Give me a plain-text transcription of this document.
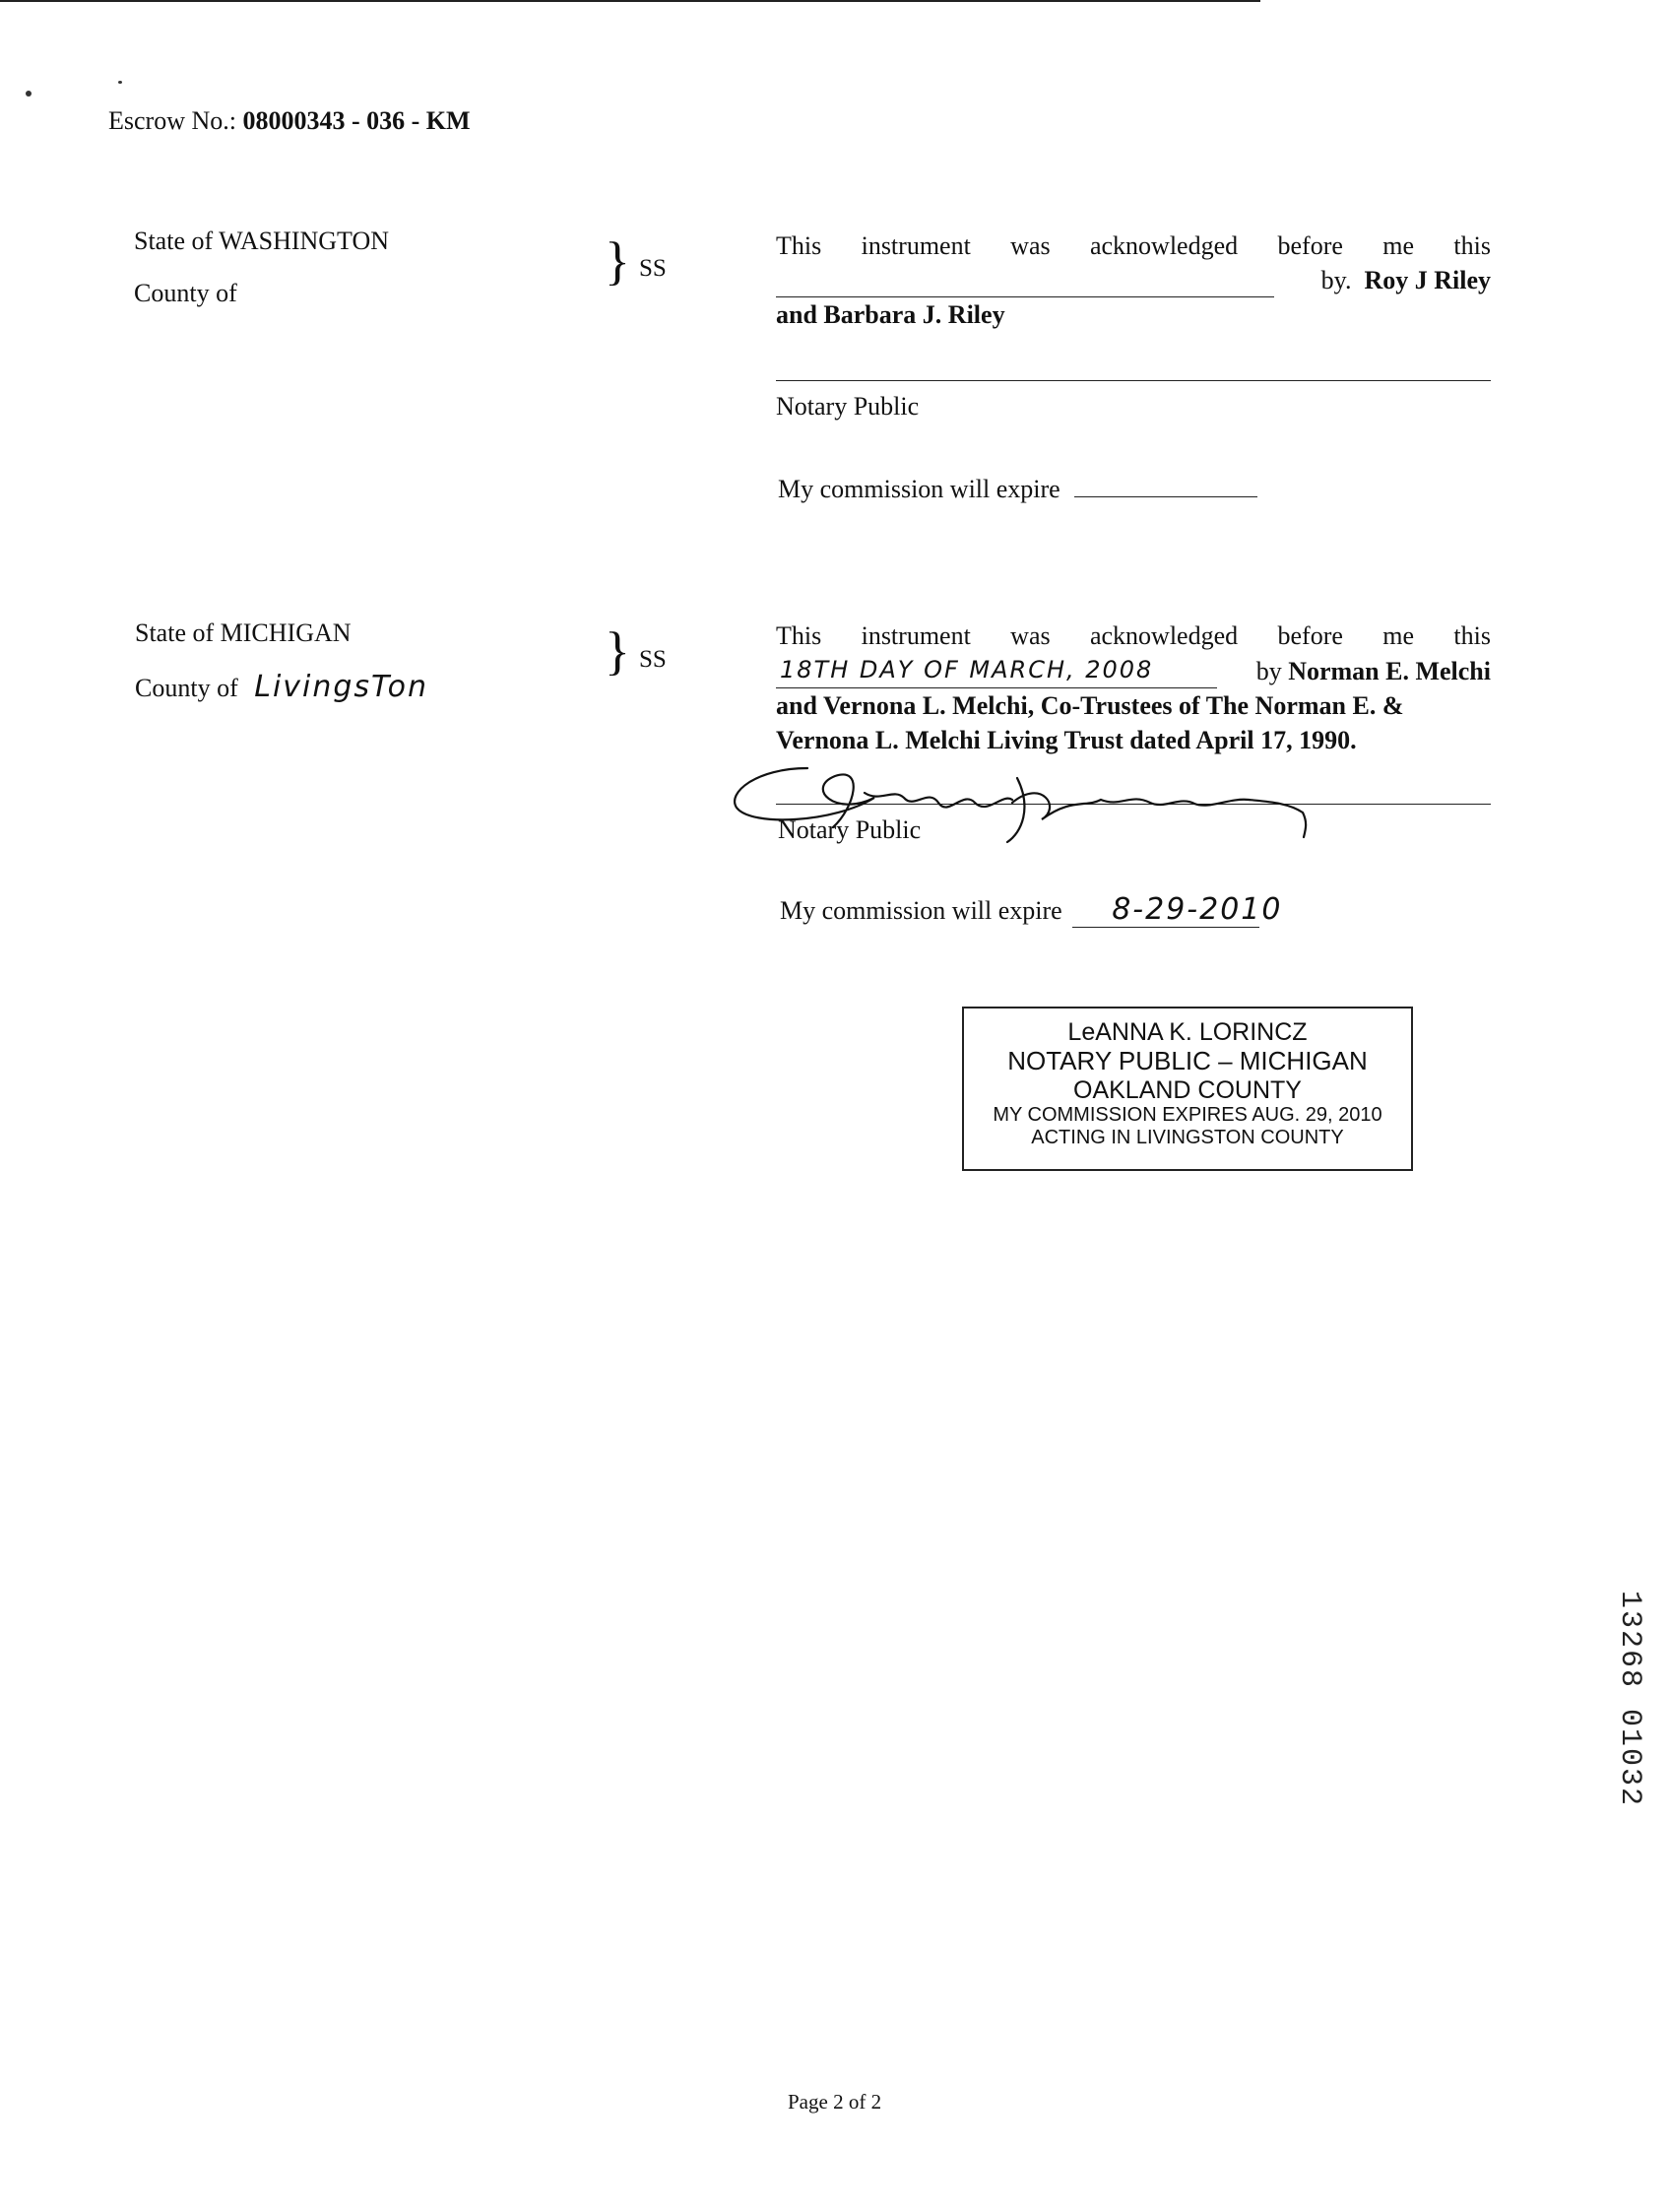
Escrow No.: 08000343 - 036 - KM
State of WASHINGTON
County of
} SS
This instrument was acknowledged before me this
by. Roy J Riley
and Barbara J. Riley
Notary Public
My commission will expire
State of MICHIGAN
County of LivingsTon
} SS
This instrument was acknowledged before me this
18TH DAY OF MARCH, 2008	by Norman E. Melchi
and Vernona L. Melchi, Co-Trustees of The Norman E. &
Vernona L. Melchi Living Trust dated April 17, 1990.
Notary Public
My commission will expire 8-29-2010
LeANNA K. LORINCZ
NOTARY PUBLIC – MICHIGAN
OAKLAND COUNTY
MY COMMISSION EXPIRES AUG. 29, 2010
ACTING IN LIVINGSTON COUNTY
13268 01032
Page 2 of 2
